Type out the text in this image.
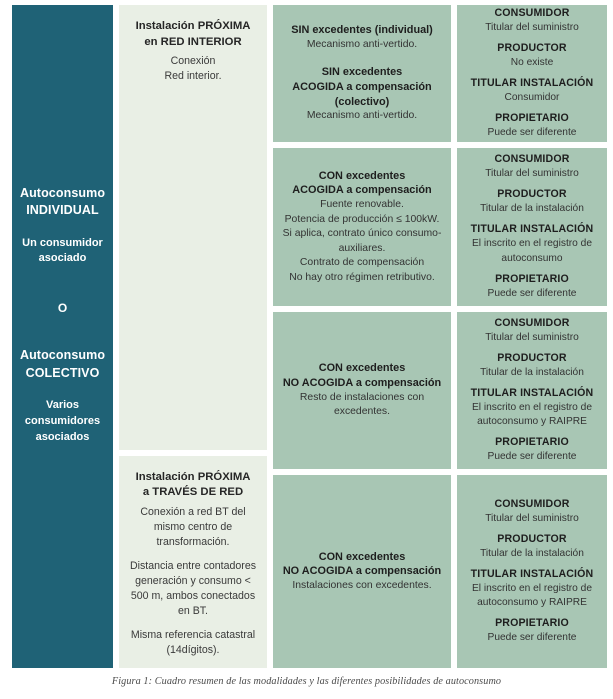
Autoconsumo
INDIVIDUAL
Un consumidor
asociado
O
Autoconsumo
COLECTIVO
Varios
consumidores
asociados
Instalación PRÓXIMA
en RED INTERIOR
Conexión
Red interior.
Instalación PRÓXIMA
a TRAVÉS DE RED
Conexión a red BT del mismo centro de transformación.
Distancia entre contadores generación y consumo < 500 m, ambos conectados en BT.
Misma referencia catastral (14dígitos).
SIN excedentes (individual)
Mecanismo anti-vertido.
SIN excedentes
ACOGIDA a compensación
(colectivo)
Mecanismo anti-vertido.
CON excedentes
ACOGIDA a compensación
Fuente renovable.
Potencia de producción ≤ 100kW.
Si aplica, contrato único consumo-auxiliares.
Contrato de compensación
No hay otro régimen retributivo.
CON excedentes
NO ACOGIDA a compensación
Resto de instalaciones con excedentes.
CON excedentes
NO ACOGIDA a compensación
Instalaciones con excedentes.
CONSUMIDOR
Titular del suministro
PRODUCTOR
No existe
TITULAR INSTALACIÓN
Consumidor
PROPIETARIO
Puede ser diferente
CONSUMIDOR
Titular del suministro
PRODUCTOR
Titular de la instalación
TITULAR INSTALACIÓN
El inscrito en el registro de autoconsumo
PROPIETARIO
Puede ser diferente
CONSUMIDOR
Titular del suministro
PRODUCTOR
Titular de la instalación
TITULAR INSTALACIÓN
El inscrito en el registro de autoconsumo y RAIPRE
PROPIETARIO
Puede ser diferente
CONSUMIDOR
Titular del suministro
PRODUCTOR
Titular de la instalación
TITULAR INSTALACIÓN
El inscrito en el registro de autoconsumo y RAIPRE
PROPIETARIO
Puede ser diferente
Figura 1: Cuadro resumen de las modalidades y las diferentes posibilidades de autoconsumo
